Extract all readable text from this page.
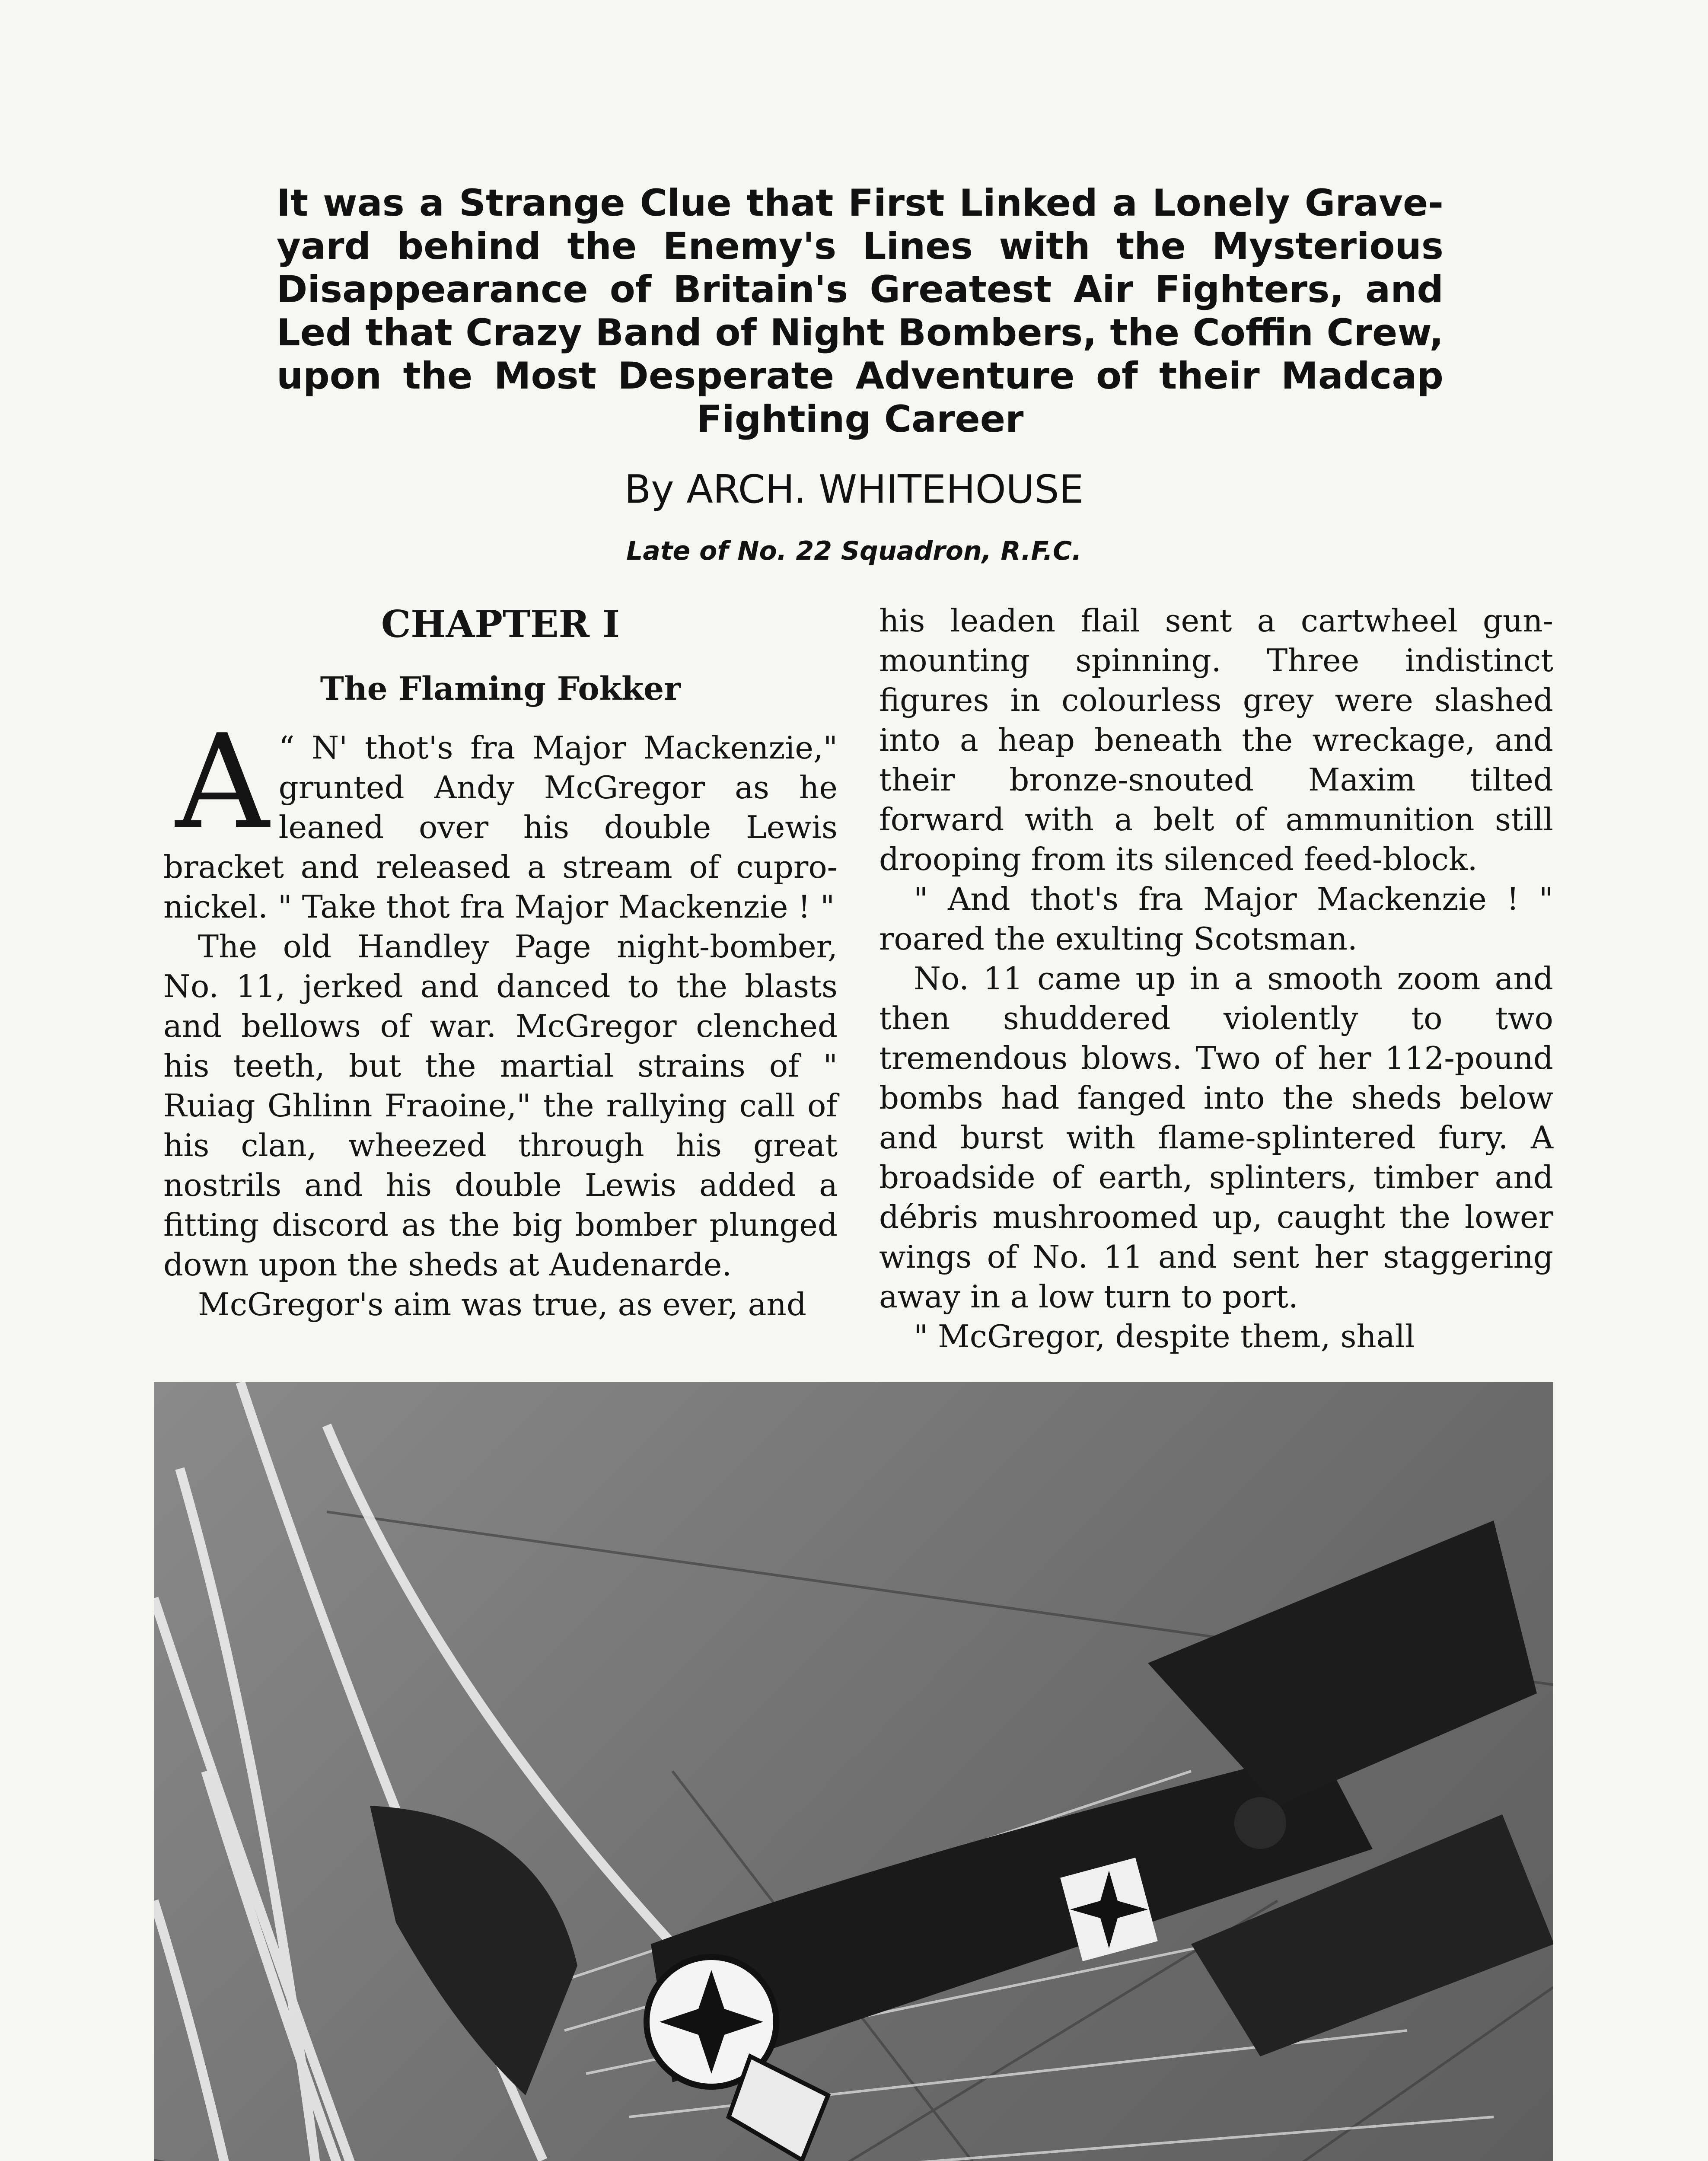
It was a Strange Clue that First Linked a Lonely Grave-
yard behind the Enemy's Lines with the Mysterious
Disappearance of Britain's Greatest Air Fighters, and
Led that Crazy Band of Night Bombers, the Coffin Crew,
upon the Most Desperate Adventure of their Madcap
Fighting Career
By ARCH. WHITEHOUSE
Late of No. 22 Squadron, R.F.C.
CHAPTER I
The Flaming Fokker

“
A N' thot's fra Major Mackenzie," grunted Andy McGregor as he leaned over his double Lewis bracket and released a stream of cupro-nickel. " Take thot fra Major Mackenzie ! "

The old Handley Page night-bomber, No. 11, jerked and danced to the blasts and bellows of war. McGregor clenched his teeth, but the martial strains of " Ruiag Ghlinn Fraoine," the rallying call of his clan, wheezed through his great nostrils and his double Lewis added a fitting discord as the big bomber plunged down upon the sheds at Audenarde.

McGregor's aim was true, as ever, and

his leaden flail sent a cartwheel gun-mounting spinning. Three indistinct figures in colourless grey were slashed into a heap beneath the wreckage, and their bronze-snouted Maxim tilted forward with a belt of ammunition still drooping from its silenced feed-block.

" And thot's fra Major Mackenzie ! " roared the exulting Scotsman.

No. 11 came up in a smooth zoom and then shuddered violently to two tremendous blows. Two of her 112-pound bombs had fanged into the sheds below and burst with flame-splintered fury. A broadside of earth, splinters, timber and débris mushroomed up, caught the lower wings of No. 11 and sent her staggering away in a low turn to port.

" McGregor, despite them, shall
